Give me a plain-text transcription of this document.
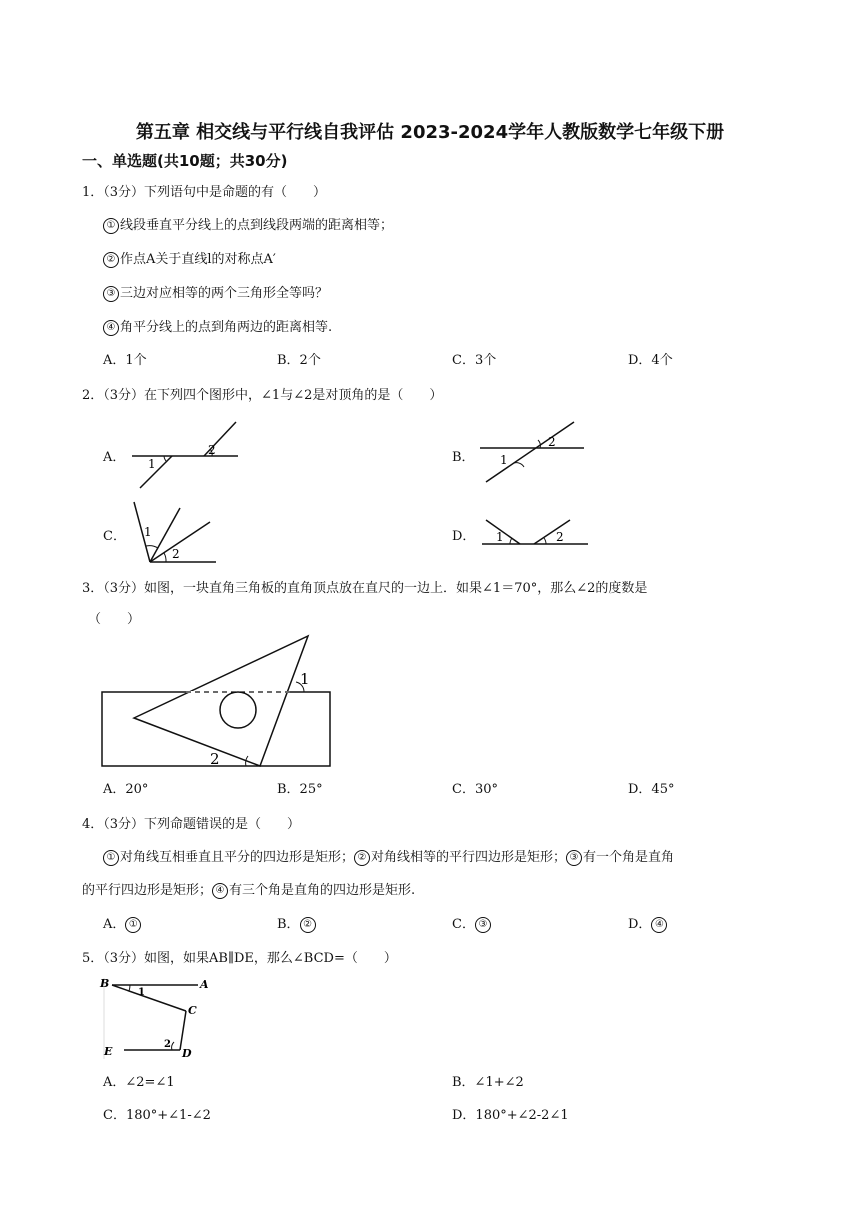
第五章 相交线与平行线自我评估 2023-2024学年人教版数学七年级下册
一、单选题(共10题；共30分)
1．（3分）下列语句中是命题的有（　　）
① 线段垂直平分线上的点到线段两端的距离相等；
② 作点A关于直线l的对称点A′
③ 三边对应相等的两个三角形全等吗？
④ 角平分线上的点到角两边的距离相等.
A．1个	B．2个	C．3个	D．4个
2．（3分）在下列四个图形中，∠1与∠2是对顶角的是（　　）
A．	B．
C．	D．
1
2
1
2
1
2
1	2
3．（3分）如图，一块直角三角板的直角顶点放在直尺的一边上．如果∠1＝70°，那么∠2的度数是
（　　）
1
2
A．20°	B．25°	C．30°	D．45°
4．（3分）下列命题错误的是（　　）
① 对角线互相垂直且平分的四边形是矩形； ② 对角线相等的平行四边形是矩形； ③ 有一个角是直角
的平行四边形是矩形； ④ 有三个角是直角的四边形是矩形.
A． ①	B． ②	C． ③	D． ④
5．（3分）如图，如果AB∥DE，那么∠BCD=（　　）
B	A
C
E	D
1
2
A．∠2=∠1	B．∠1+∠2
C．180°+∠1-∠2	D．180°+∠2-2∠1
